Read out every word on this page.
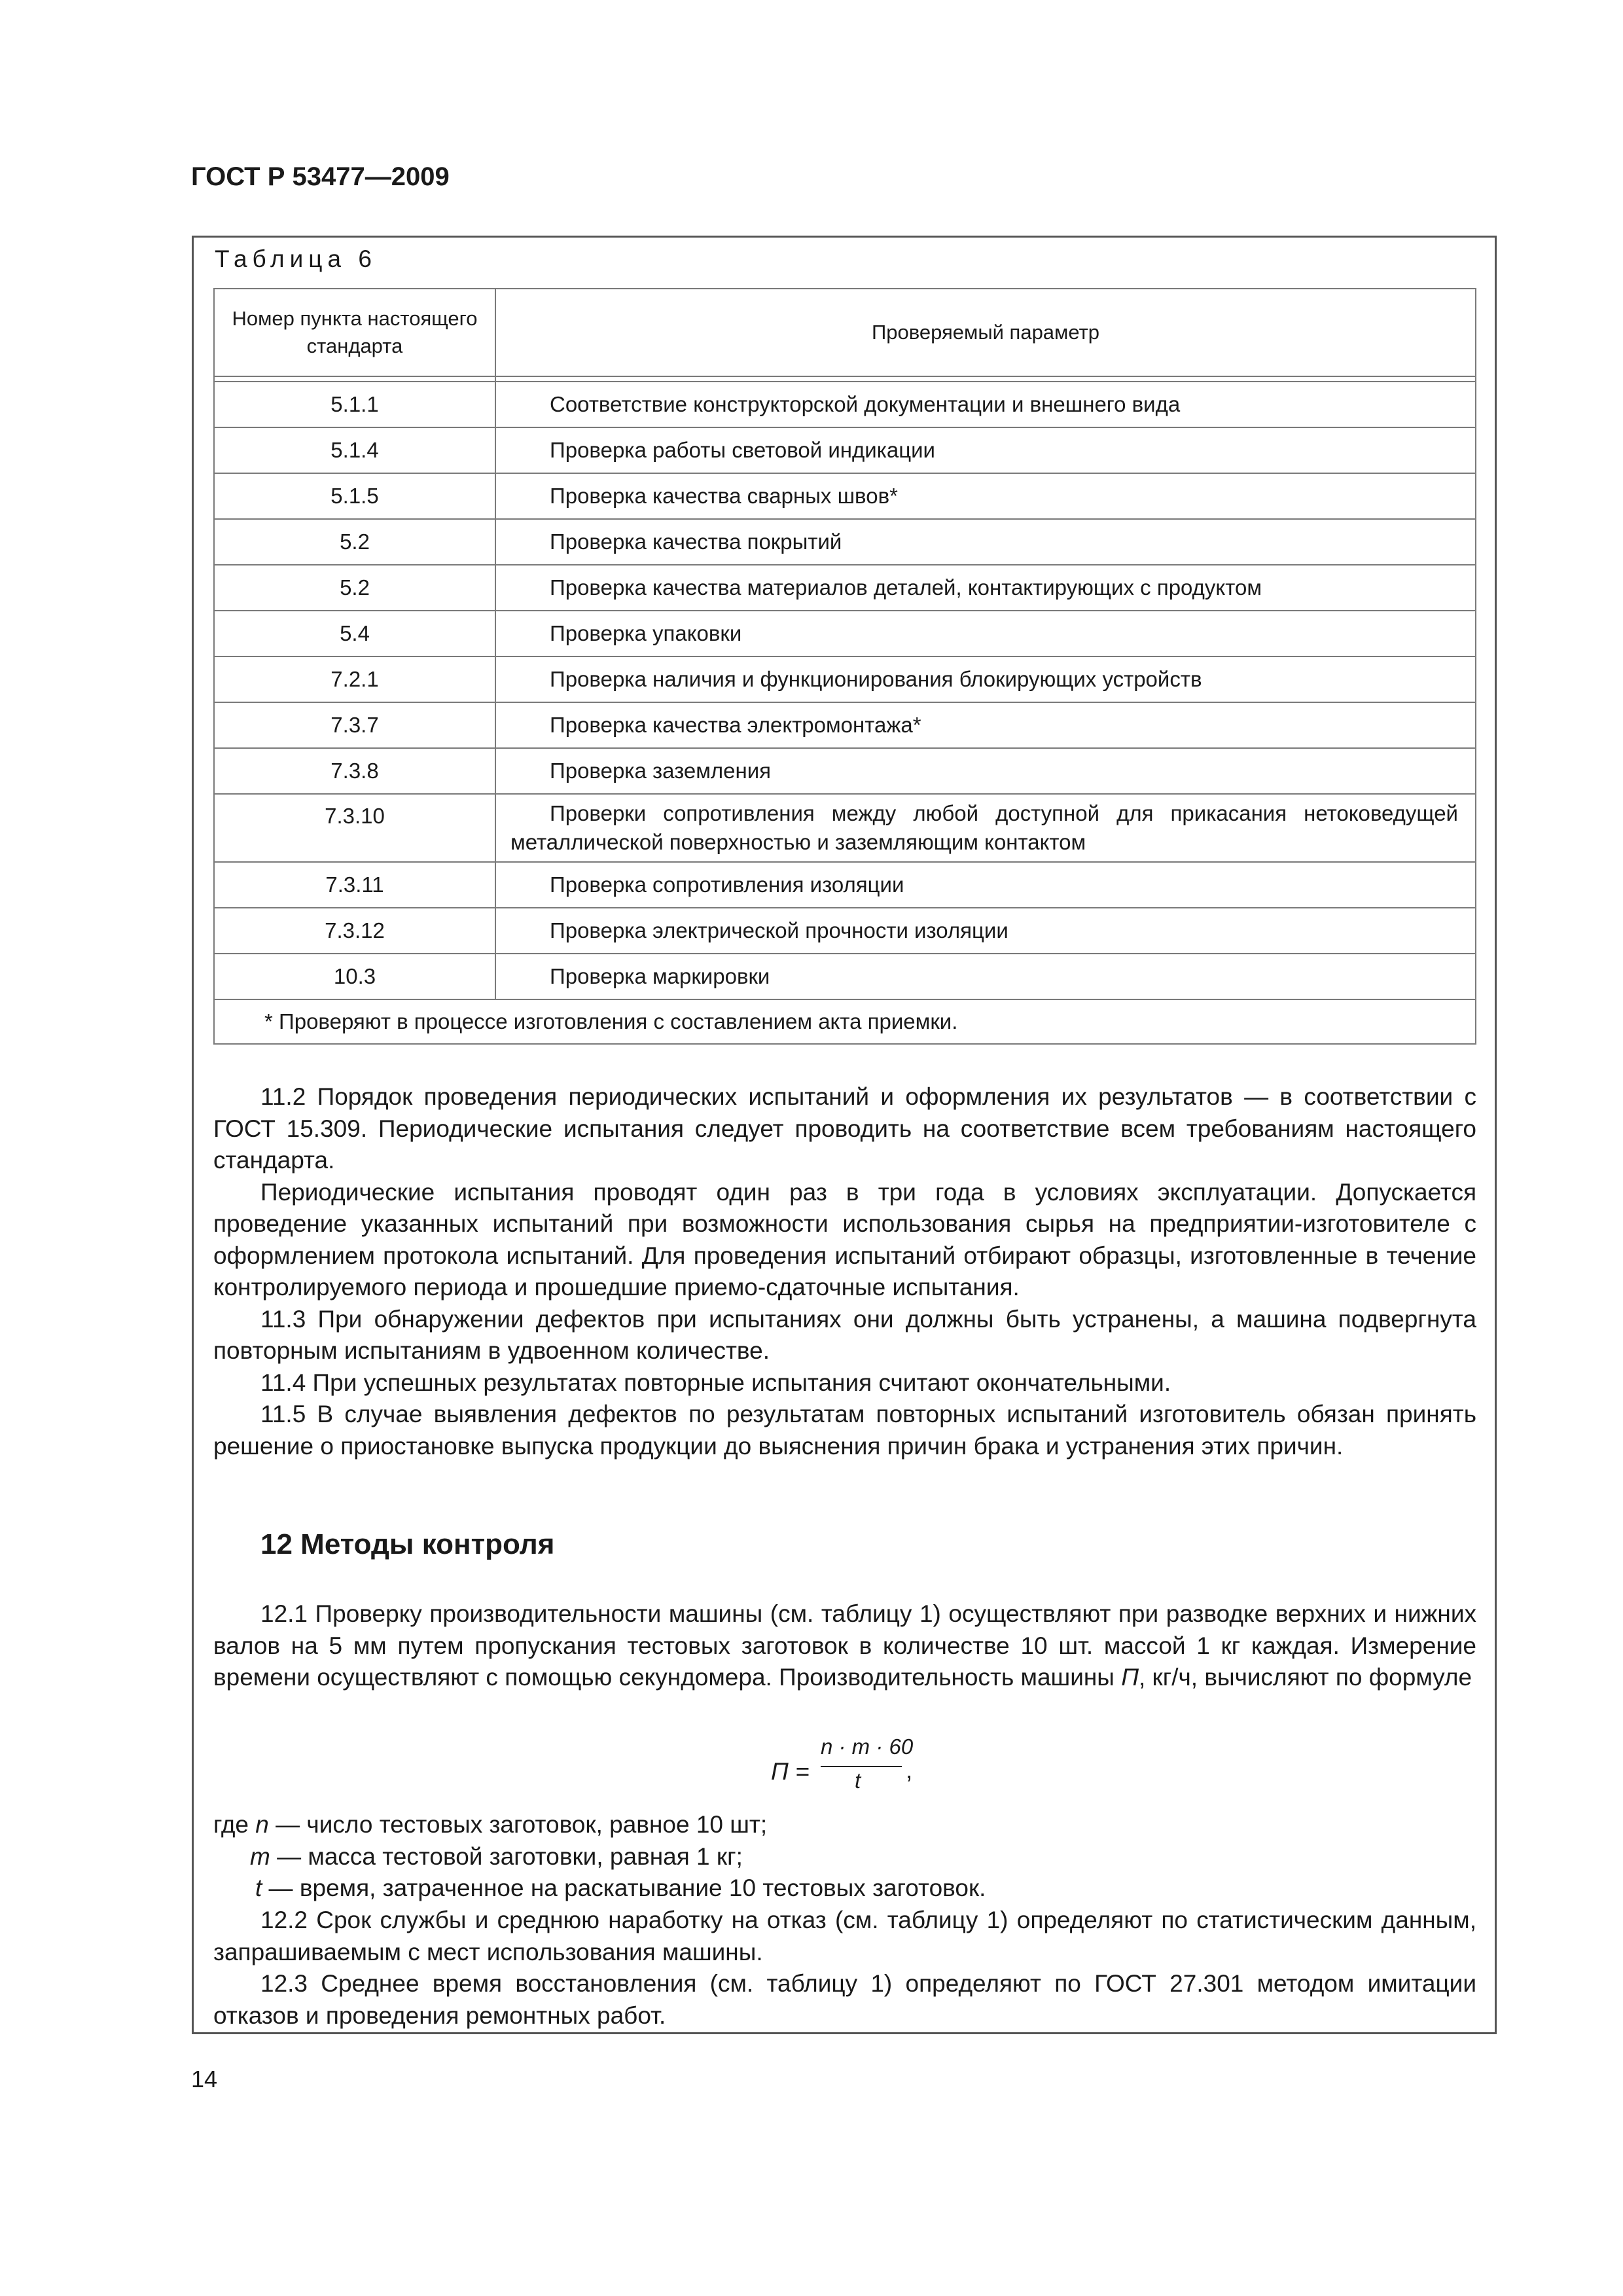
ГОСТ Р 53477—2009
Таблица 6
Номер пункта настоящего стандарта	Проверяемый параметр

5.1.1	Соответствие конструкторской документации и внешнего вида
5.1.4	Проверка работы световой индикации
5.1.5	Проверка качества сварных швов*
5.2	Проверка качества покрытий
5.2	Проверка качества материалов деталей, контактирующих с продуктом
5.4	Проверка упаковки
7.2.1	Проверка наличия и функционирования блокирующих устройств
7.3.7	Проверка качества электромонтажа*
7.3.8	Проверка заземления
7.3.10	Проверки сопротивления между любой доступной для прикасания нетоковедущей металлической поверхностью и заземляющим контактом
7.3.11	Проверка сопротивления изоляции
7.3.12	Проверка электрической прочности изоляции
10.3	Проверка маркировки
* Проверяют в процессе изготовления с составлением акта приемки.	

11.2 Порядок проведения периодических испытаний и оформления их результатов — в соответствии с ГОСТ 15.309. Периодические испытания следует проводить на соответствие всем требованиям настоящего стандарта.

Периодические испытания проводят один раз в три года в условиях эксплуатации. Допускается проведение указанных испытаний при возможности использования сырья на предприятии-изготовителе с оформлением протокола испытаний. Для проведения испытаний отбирают образцы, изготовленные в течение контролируемого периода и прошедшие приемо-сдаточные испытания.

11.3 При обнаружении дефектов при испытаниях они должны быть устранены, а машина подвергнута повторным испытаниям в удвоенном количестве.

11.4 При успешных результатах повторные испытания считают окончательными.

11.5 В случае выявления дефектов по результатам повторных испытаний изготовитель обязан принять решение о приостановке выпуска продукции до выяснения причин брака и устранения этих причин.

12 Методы контроля

12.1 Проверку производительности машины (см. таблицу 1) осуществляют при разводке верхних и нижних валов на 5 мм путем пропускания тестовых заготовок в количестве 10 шт. массой 1 кг каждая. Измерение времени осуществляют с помощью секундомера. Производительность машины П, кг/ч, вычисляют по формуле

П =
n · m · 60
t ,

где n — число тестовых заготовок, равное 10 шт;

m — масса тестовой заготовки, равная 1 кг;

t — время, затраченное на раскатывание 10 тестовых заготовок.

12.2 Срок службы и среднюю наработку на отказ (см. таблицу 1) определяют по статистическим данным, запрашиваемым с мест использования машины.

12.3 Среднее время восстановления (см. таблицу 1) определяют по ГОСТ 27.301 методом имитации отказов и проведения ремонтных работ.

14
